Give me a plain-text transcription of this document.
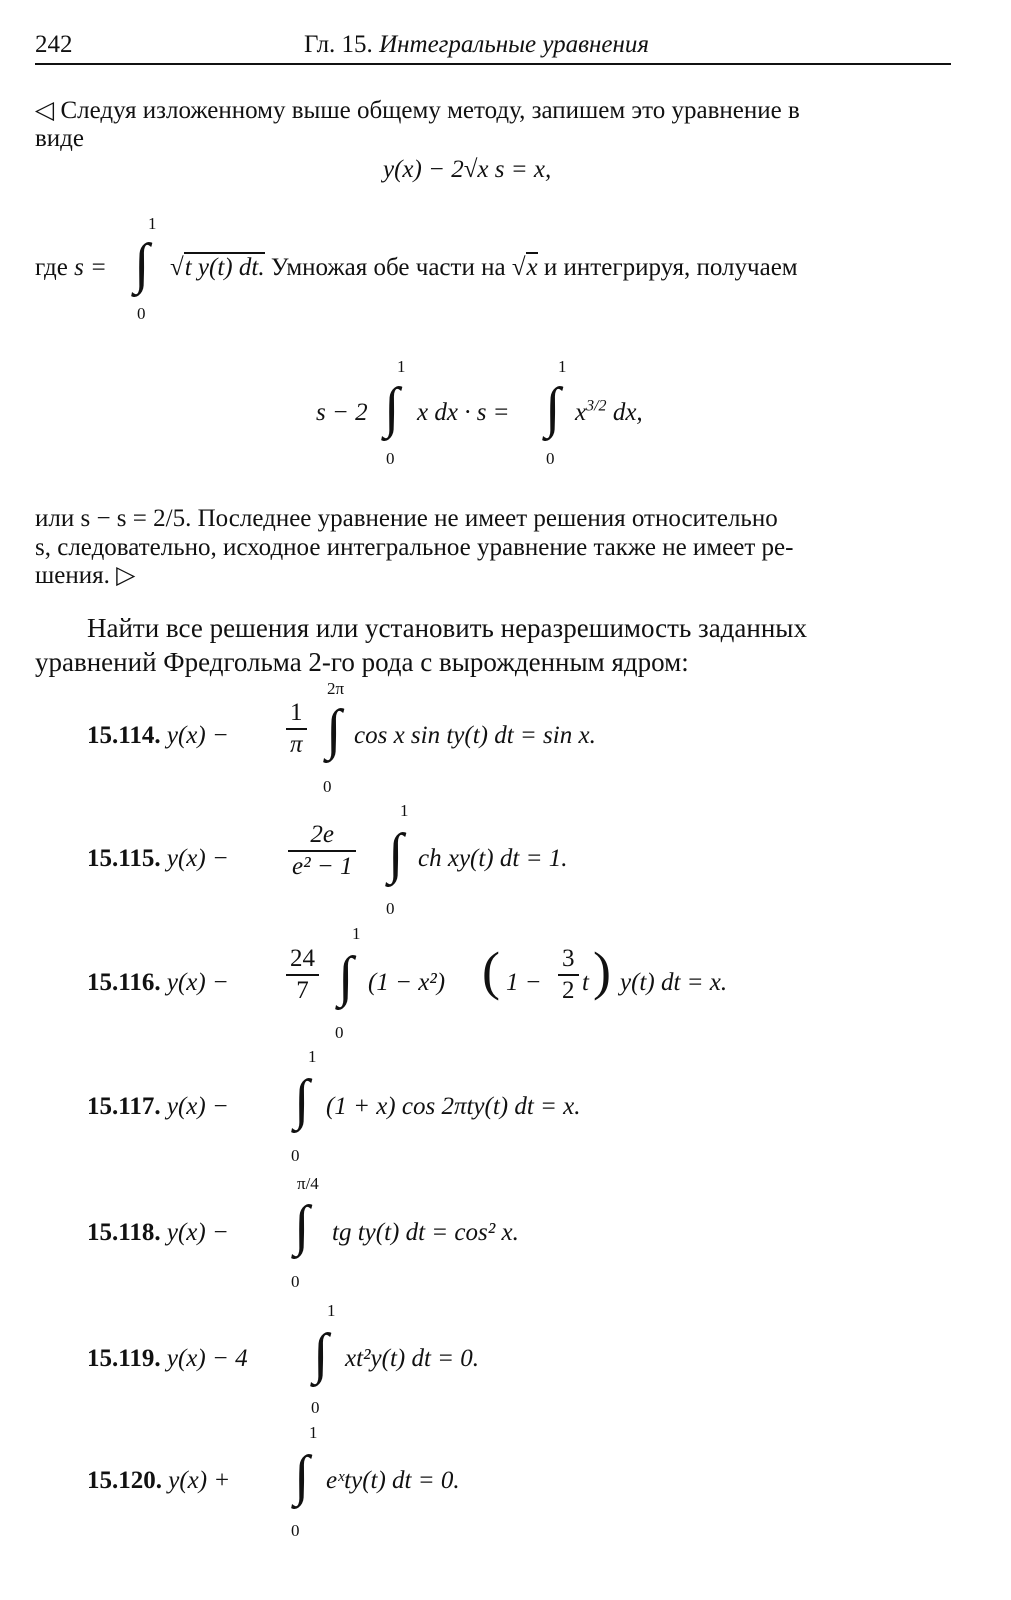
242	Гл. 15. Интегральные уравнения
◁ Следуя изложенному выше общему методу, запишем это уравнение в
виде
y(x) − 2√x s = x,
1
∫
0
где s =	√t y(t) dt. Умножая обе части на √x и интегрируя, получаем
1
0
∫
1
0
∫
s − 2 x dx · s =	$x^{3/2}$ dx,
или s − s = 2/5. Последнее уравнение не имеет решения относительно
s, следовательно, исходное интегральное уравнение также не имеет ре-
шения. ▷
Найти все решения или установить неразрешимость заданных
уравнений Фредгольма 2-го рода с вырожденным ядром:
2π
∫
0
15.114. $y(x) - \frac{1}{\pi}$ cos x sin ty(t) dt = sin x.
1
∫
0
15.115. $y(x) - \frac{2e}{\text{e² − 1}}$ ch xy(t) dt = 1.
1
∫
0
15.116. $y(x) - \frac{24}{7} (1 - x^2)$ ( $1 - \frac{3}{2}$ t ) y(t) dt = x.
1
∫
0
15.117. y(x) −	(1 + x) cos 2πty(t) dt = x.
π/4
∫
0
15.118. y(x) −	tg ty(t) dt = cos² x.
1
∫
0
15.119. y(x) − 4	xt²y(t) dt = 0.
1
∫
0
15.120. y(x) +	eˣty(t) dt = 0.
